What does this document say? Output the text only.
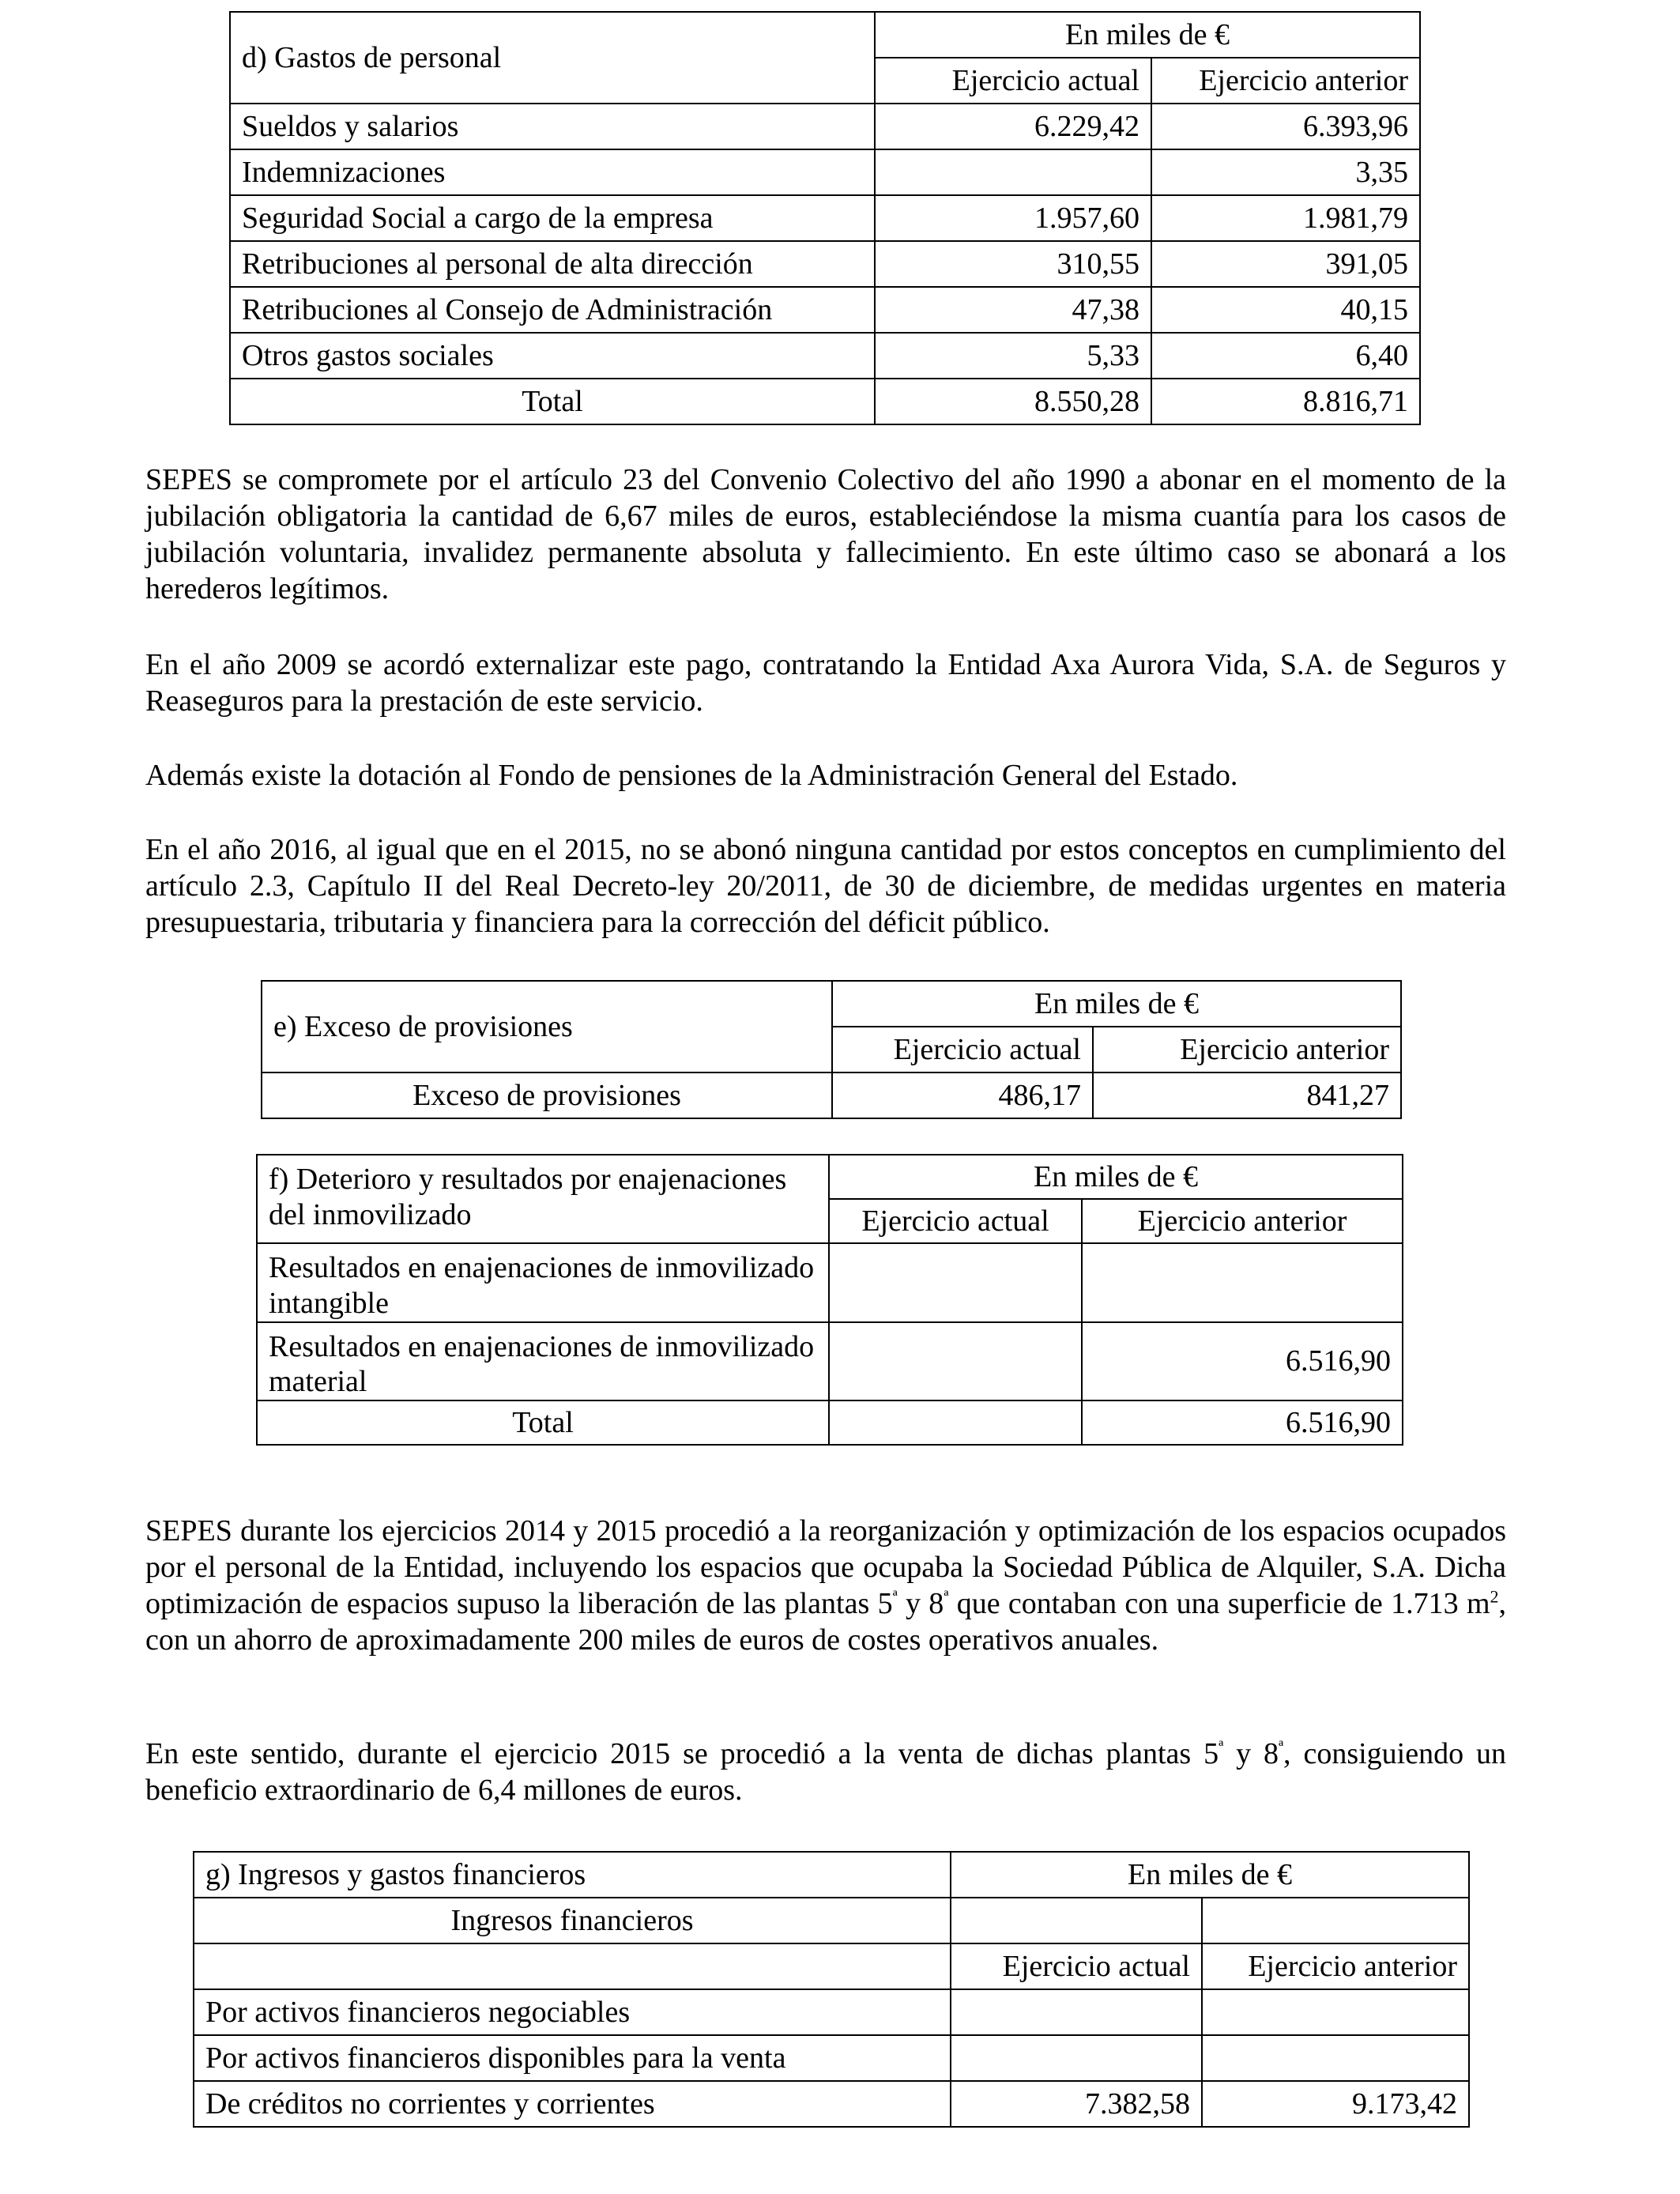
d) Gastos de personal	En miles de €	
	Ejercicio actual	Ejercicio anterior
Sueldos y salarios	6.229,42	6.393,96
Indemnizaciones		3,35
Seguridad Social a cargo de la empresa	1.957,60	1.981,79
Retribuciones al personal de alta dirección	310,55	391,05
Retribuciones al Consejo de Administración	47,38	40,15
Otros gastos sociales	5,33	6,40
Total	8.550,28	8.816,71

SEPES se compromete por el artículo 23 del Convenio Colectivo del año 1990 a abonar en el momento de la jubilación obligatoria la cantidad de 6,67 miles de euros, estableciéndose la misma cuantía para los casos de jubilación voluntaria, invalidez permanente absoluta y fallecimiento. En este último caso se abonará a los herederos legítimos.

En el año 2009 se acordó externalizar este pago, contratando la Entidad Axa Aurora Vida, S.A. de Seguros y Reaseguros para la prestación de este servicio.

Además existe la dotación al Fondo de pensiones de la Administración General del Estado.

En el año 2016, al igual que en el 2015, no se abonó ninguna cantidad por estos conceptos en cumplimiento del artículo 2.3, Capítulo II del Real Decreto-ley 20/2011, de 30 de diciembre, de medidas urgentes en materia presupuestaria, tributaria y financiera para la corrección del déficit público.

e) Exceso de provisiones	En miles de €	
	Ejercicio actual	Ejercicio anterior
Exceso de provisiones	486,17	841,27
f) Deterioro y resultados por enajenaciones del inmovilizado	En miles de €	
	Ejercicio actual	Ejercicio anterior
Resultados en enajenaciones de inmovilizado intangible		
Resultados en enajenaciones de inmovilizado material		6.516,90
Total		6.516,90

SEPES durante los ejercicios 2014 y 2015 procedió a la reorganización y optimización de los espacios ocupados por el personal de la Entidad, incluyendo los espacios que ocupaba la Sociedad Pública de Alquiler, S.A. Dicha optimización de espacios supuso la liberación de las plantas $5^ª$ y $8^ª$ que contaban con una superficie de 1.713 $m^2$, con un ahorro de aproximadamente 200 miles de euros de costes operativos anuales.

En este sentido, durante el ejercicio 2015 se procedió a la venta de dichas plantas $5^ª$ y $8^ª$, consiguiendo un beneficio extraordinario de 6,4 millones de euros.

g) Ingresos y gastos financieros	En miles de €	
Ingresos financieros		
	Ejercicio actual	Ejercicio anterior
Por activos financieros negociables		
Por activos financieros disponibles para la venta		
De créditos no corrientes y corrientes	7.382,58	9.173,42
